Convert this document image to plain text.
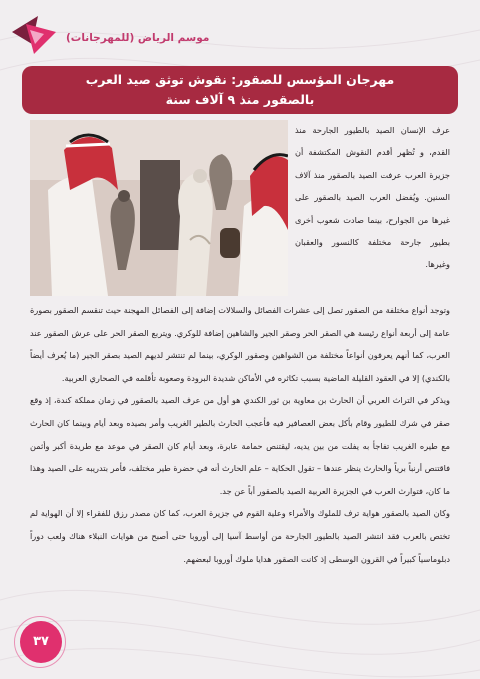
موسم الرياض (للمهرجانات)
مهرجان المؤسس للصقور: نقوش توثق صيد العرب
بالصقور منذ ٩ آلاف سنة
عرف الإنسان الصيد بالطيور الجارحة منذ القدم، و تُظهر أقدم النقوش المكتشفة أن جزيرة العرب عرفت الصيد بالصقور منذ آلاف السنين. ويُفضل العرب الصيد بالصقور على غيرها من الجوارح، بينما صادت شعوب أخرى بطيور جارحة مختلفة كالنسور والعقبان وغيرها.

وتوجد أنواع مختلفة من الصقور تصل إلى عشرات الفصائل والسلالات إضافة إلى الفصائل المهجنة حيث تنقسم الصقور بصورة عامة إلى أربعة أنواع رئيسة هي الصقر الحر وصقر الجير والشاهين إضافة للوكري. ويتربع الصقر الحر على عرش الصقور عند العرب، كما أنهم يعرفون أنواعاً مختلفة من الشواهين وصقور الوكري، بينما لم تنتشر لديهم الصيد بصقر الجير (ما يُعرف أيضاً بالكندي) إلا في العقود القليلة الماضية بسبب تكاثره في الأماكن شديدة البرودة وصعوبة تأقلمه في الصحاري العربية.

ويذكر في التراث العربي أن الحارث بن معاوية بن ثور الكندي هو أول من عرف الصيد بالصقور في زمان مملكة كندة، إذ وقع صقر في شرك للطيور وقام بأكل بعض العصافير فيه فأعجب الحارث بالطير الغريب وأمر بصيده وبعد أيام وبينما كان الحارث مع طيره الغريب تفاجأ به يفلت من بين يديه، ليقتنص حمامة عابرة، وبعد أيام كان الصقر في موعد مع طريدة أكبر وأثمن فاقتنص أرنباً برياً والحارث ينظر عندها – تقول الحكاية – علم الحارث أنه في حضرة طير مختلف، فأمر بتدريبه على الصيد وهذا ما كان، فتوارث العرب في الجزيرة العربية الصيد بالصقور أباً عن جد.

وكان الصيد بالصقور هواية ترف للملوك والأمراء وعلية القوم في جزيرة العرب، كما كان مصدر رزق للفقراء إلا أن الهواية لم تختص بالعرب فقد انتشر الصيد بالطيور الجارحة من أواسط آسيا إلى أوروبا حتى أصبح من هوايات النبلاء هناك ولعب دوراً دبلوماسياً كبيراً في القرون الوسطى إذ كانت الصقور هدايا ملوك أوروبا لبعضهم.

٣٧
